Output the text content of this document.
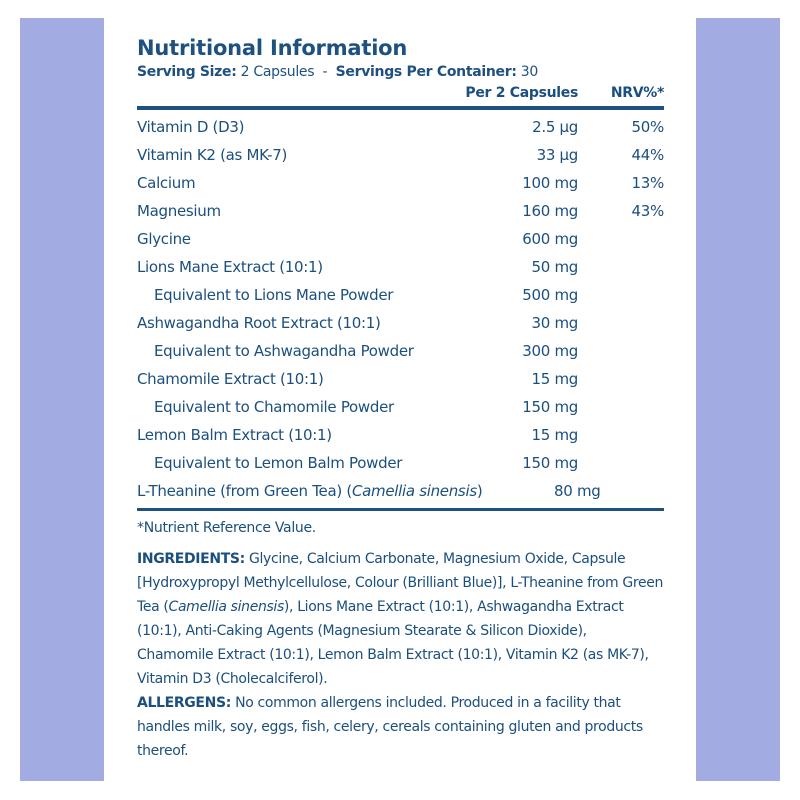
Nutritional Information
Serving Size: 2 Capsules - Servings Per Container: 30
Per 2 Capsules	NRV%*
Vitamin D (D3)	2.5 µg	50%
Vitamin K2 (as MK-7)	33 µg	44%
Calcium	100 mg	13%
Magnesium	160 mg	43%
Glycine	600 mg
Lions Mane Extract (10:1)	50 mg
Equivalent to Lions Mane Powder	500 mg
Ashwagandha Root Extract (10:1)	30 mg
Equivalent to Ashwagandha Powder	300 mg
Chamomile Extract (10:1)	15 mg
Equivalent to Chamomile Powder	150 mg
Lemon Balm Extract (10:1)	15 mg
Equivalent to Lemon Balm Powder	150 mg
L-Theanine (from Green Tea) (Camellia sinensis)	80 mg
*Nutrient Reference Value.
INGREDIENTS: Glycine, Calcium Carbonate, Magnesium Oxide, Capsule [Hydroxypropyl Methylcellulose, Colour (Brilliant Blue)], L-Theanine from Green Tea (Camellia sinensis), Lions Mane Extract (10:1), Ashwagandha Extract (10:1), Anti-Caking Agents (Magnesium Stearate & Silicon Dioxide), Chamomile Extract (10:1), Lemon Balm Extract (10:1), Vitamin K2 (as MK-7), Vitamin D3 (Cholecalciferol).
ALLERGENS: No common allergens included. Produced in a facility that handles milk, soy, eggs, fish, celery, cereals containing gluten and products thereof.
